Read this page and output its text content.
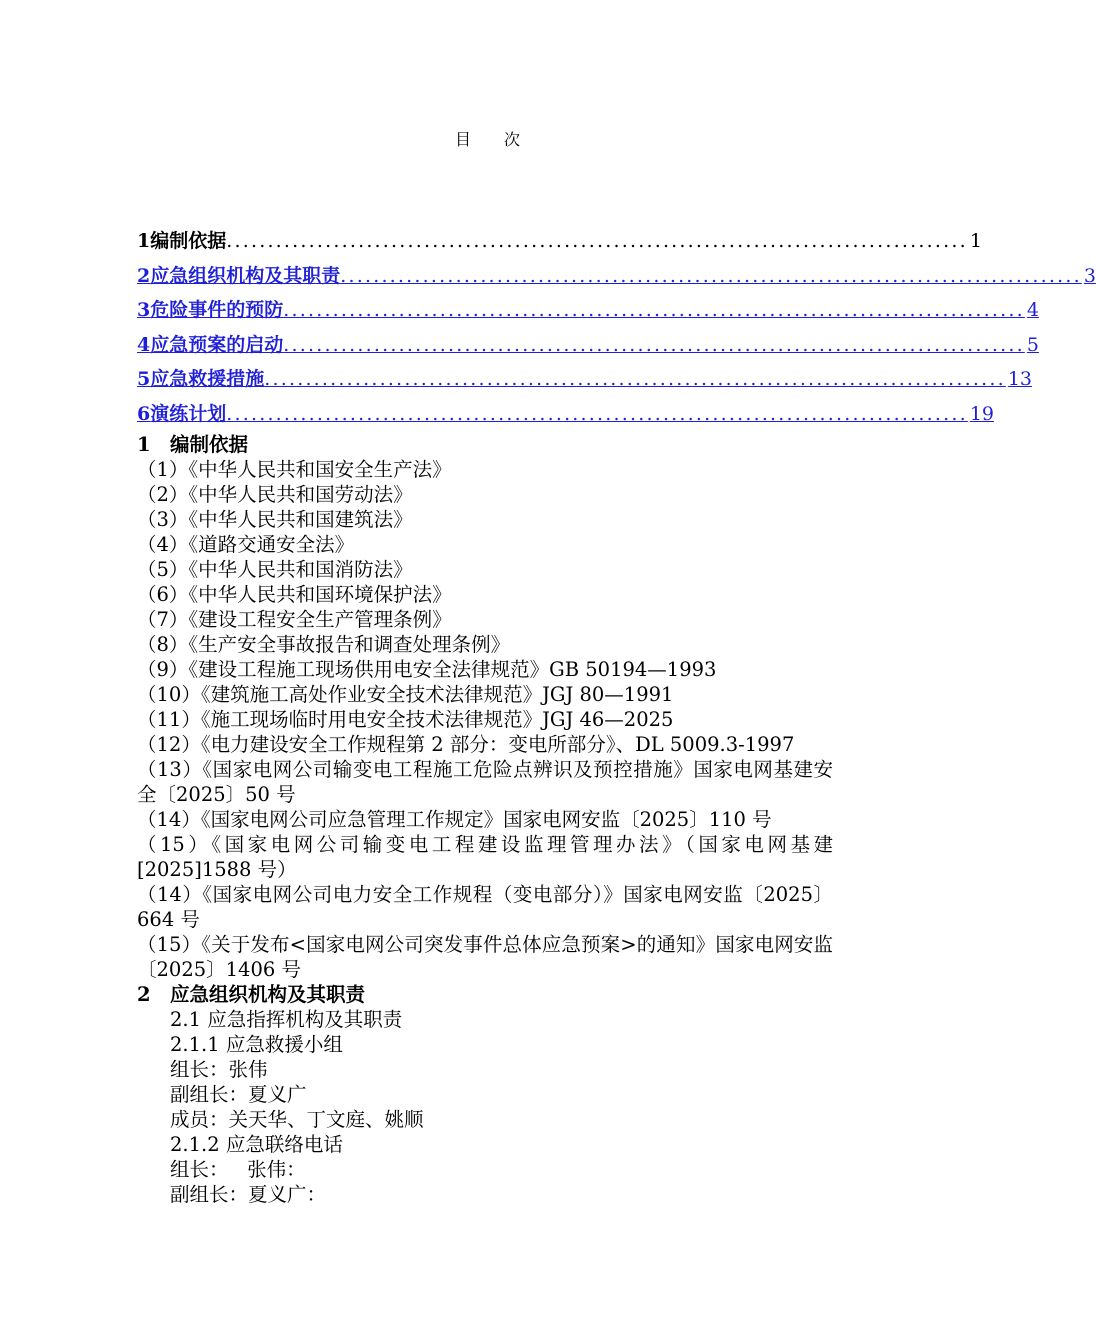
目 次
1 编制依据 .......................................................................................... 1
2 应急组织机构及其职责 .......................................................................................... 3
3 危险事件的预防 .......................................................................................... 4
4 应急预案的启动 .......................................................................................... 5
5 应急救援措施 .......................................................................................... 13
6 演练计划 .......................................................................................... 19
1 编制依据
（1）《中华人民共和国安全生产法》
（2）《中华人民共和国劳动法》
（3）《中华人民共和国建筑法》
（4）《道路交通安全法》
（5）《中华人民共和国消防法》
（6）《中华人民共和国环境保护法》
（7）《建设工程安全生产管理条例》
（8）《生产安全事故报告和调查处理条例》
（9）《建设工程施工现场供用电安全法律规范》GB 50194—1993
（10）《建筑施工高处作业安全技术法律规范》JGJ 80—1991
（11）《施工现场临时用电安全技术法律规范》JGJ 46—2025
（12）《电力建设安全工作规程第 2 部分：变电所部分》、DL 5009.3-1997
（13）《国家电网公司输变电工程施工危险点辨识及预控措施》国家电网基建安全〔2025〕50 号
（14）《国家电网公司应急管理工作规定》国家电网安监〔2025〕110 号
（15）《国家电网公司输变电工程建设监理管理办法》（国家电网基建[2025]1588 号）
（14）《国家电网公司电力安全工作规程（变电部分）》国家电网安监〔2025〕664 号
（15）《关于发布<国家电网公司突发事件总体应急预案>的通知》国家电网安监〔2025〕1406 号
2 应急组织机构及其职责
2.1 应急指挥机构及其职责
2.1.1 应急救援小组
组长：张伟
副组长：夏义广
成员：关天华、丁文庭、姚顺
2.1.2 应急联络电话
组长：   张伟：
副组长：夏义广：
